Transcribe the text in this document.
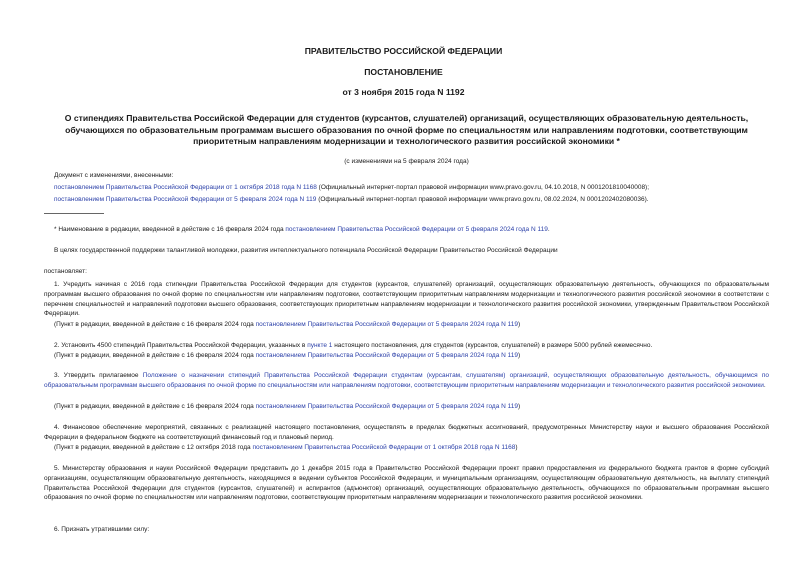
ПРАВИТЕЛЬСТВО РОССИЙСКОЙ ФЕДЕРАЦИИ

ПОСТАНОВЛЕНИЕ

от 3 ноября 2015 года N 1192

О стипендиях Правительства Российской Федерации для студентов (курсантов, слушателей) организаций, осуществляющих образовательную деятельность, обучающихся по образовательным программам высшего образования по очной форме по специальностям или направлениям подготовки, соответствующим приоритетным направлениям модернизации и технологического развития российской экономики *

(с изменениями на 5 февраля 2024 года)

Документ с изменениями, внесенными:

постановлением Правительства Российской Федерации от 1 октября 2018 года N 1168 (Официальный интернет-портал правовой информации www.pravo.gov.ru, 04.10.2018, N 0001201810040008);

постановлением Правительства Российской Федерации от 5 февраля 2024 года N 119 (Официальный интернет-портал правовой информации www.pravo.gov.ru, 08.02.2024, N 0001202402080036).

* Наименование в редакции, введенной в действие с 16 февраля 2024 года постановлением Правительства Российской Федерации от 5 февраля 2024 года N 119.

В целях государственной поддержки талантливой молодежи, развития интеллектуального потенциала Российской Федерации Правительство Российской Федерации

постановляет:

1. Учредить начиная с 2016 года стипендии Правительства Российской Федерации для студентов (курсантов, слушателей) организаций, осуществляющих образовательную деятельность, обучающихся по образовательным программам высшего образования по очной форме по специальностям или направлениям подготовки, соответствующим приоритетным направлениям модернизации и технологического развития российской экономики в соответствии с перечнем специальностей и направлений подготовки высшего образования, соответствующих приоритетным направлениям модернизации и технологического развития российской экономики, утвержденным Правительством Российской Федерации.

(Пункт в редакции, введенной в действие с 16 февраля 2024 года постановлением Правительства Российской Федерации от 5 февраля 2024 года N 119)

2. Установить 4500 стипендий Правительства Российской Федерации, указанных в пункте 1 настоящего постановления, для студентов (курсантов, слушателей) в размере 5000 рублей ежемесячно.

(Пункт в редакции, введенной в действие с 16 февраля 2024 года постановлением Правительства Российской Федерации от 5 февраля 2024 года N 119)

3. Утвердить прилагаемое Положение о назначении стипендий Правительства Российской Федерации студентам (курсантам, слушателям) организаций, осуществляющих образовательную деятельность, обучающимся по образовательным программам высшего образования по очной форме по специальностям или направлениям подготовки, соответствующим приоритетным направлениям модернизации и технологического развития российской экономики.

(Пункт в редакции, введенной в действие с 16 февраля 2024 года постановлением Правительства Российской Федерации от 5 февраля 2024 года N 119)

4. Финансовое обеспечение мероприятий, связанных с реализацией настоящего постановления, осуществлять в пределах бюджетных ассигнований, предусмотренных Министерству науки и высшего образования Российской Федерации в федеральном бюджете на соответствующий финансовый год и плановый период.

(Пункт в редакции, введенной в действие с 12 октября 2018 года постановлением Правительства Российской Федерации от 1 октября 2018 года N 1168)

5. Министерству образования и науки Российской Федерации представить до 1 декабря 2015 года в Правительство Российской Федерации проект правил предоставления из федерального бюджета грантов в форме субсидий организациям, осуществляющим образовательную деятельность, находящимся в ведении субъектов Российской Федерации, и муниципальным организациям, осуществляющим образовательную деятельность, на выплату стипендий Правительства Российской Федерации для студентов (курсантов, слушателей) и аспирантов (адъюнктов) организаций, осуществляющих образовательную деятельность, обучающихся по образовательным программам высшего образования по очной форме по специальностям или направлениям подготовки, соответствующим приоритетным направлениям модернизации и технологического развития российской экономики.

6. Признать утратившими силу:
